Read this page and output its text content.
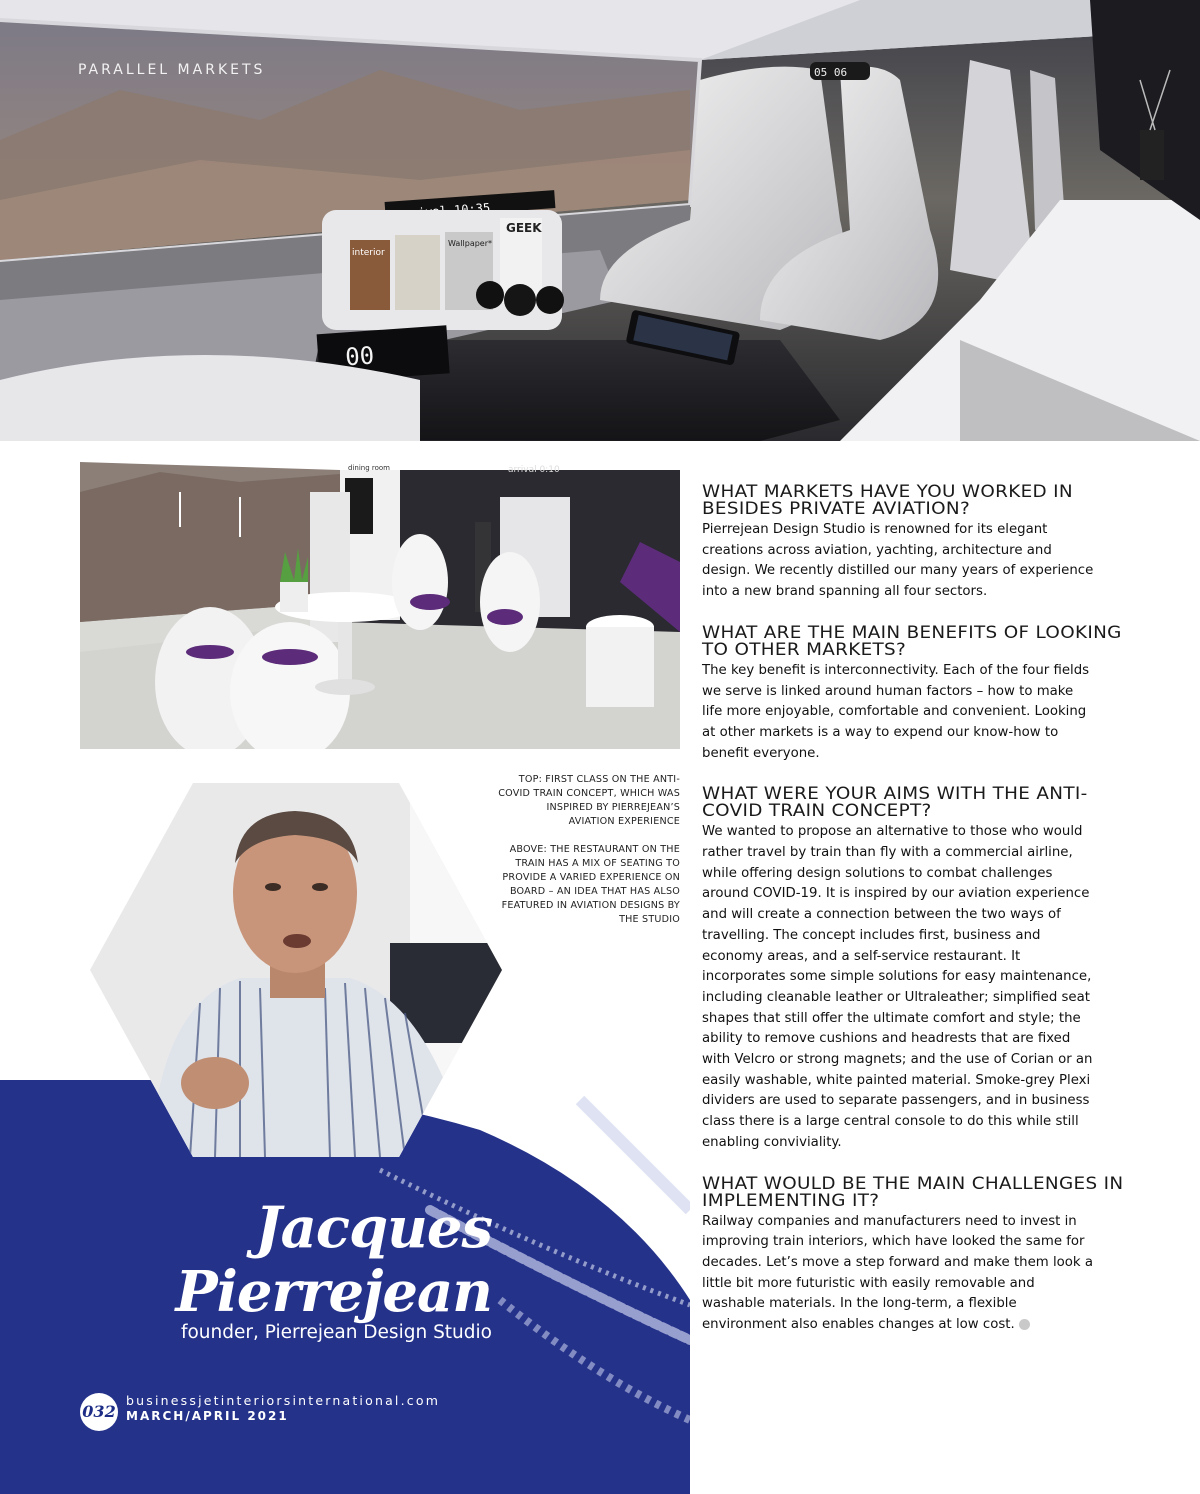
interior
Wallpaper*
GEEK
00
05 06
PARALLEL MARKETS
dining room	arrival 0:10

TOP: FIRST CLASS ON THE ANTI-COVID TRAIN CONCEPT, WHICH WAS INSPIRED BY PIERREJEAN’S AVIATION EXPERIENCE

ABOVE: THE RESTAURANT ON THE TRAIN HAS A MIX OF SEATING TO PROVIDE A VARIED EXPERIENCE ON BOARD – AN IDEA THAT HAS ALSO FEATURED IN AVIATION DESIGNS BY THE STUDIO

Jacques
Pierrejean
founder, Pierrejean Design Studio
032
businessjetinteriorsinternational.com
MARCH/APRIL 2021
WHAT MARKETS HAVE YOU WORKED IN BESIDES PRIVATE AVIATION?

Pierrejean Design Studio is renowned for its elegant creations across aviation, yachting, architecture and design. We recently distilled our many years of experience into a new brand spanning all four sectors.

WHAT ARE THE MAIN BENEFITS OF LOOKING TO OTHER MARKETS?

The key benefit is interconnectivity. Each of the four fields we serve is linked around human factors – how to make life more enjoyable, comfortable and convenient. Looking at other markets is a way to expend our know-how to benefit everyone.

WHAT WERE YOUR AIMS WITH THE ANTI-COVID TRAIN CONCEPT?

We wanted to propose an alternative to those who would rather travel by train than fly with a commercial airline, while offering design solutions to combat challenges around COVID-19. It is inspired by our aviation experience and will create a connection between the two ways of travelling. The concept includes first, business and economy areas, and a self-service restaurant. It incorporates some simple solutions for easy maintenance, including cleanable leather or Ultraleather; simplified seat shapes that still offer the ultimate comfort and style; the ability to remove cushions and headrests that are fixed with Velcro or strong magnets; and the use of Corian or an easily washable, white painted material. Smoke-grey Plexi dividers are used to separate passengers, and in business class there is a large central console to do this while still enabling conviviality.

WHAT WOULD BE THE MAIN CHALLENGES IN IMPLEMENTING IT?

Railway companies and manufacturers need to invest in improving train interiors, which have looked the same for decades. Let’s move a step forward and make them look a little bit more futuristic with easily removable and washable materials. In the long-term, a flexible environment also enables changes at low cost.
